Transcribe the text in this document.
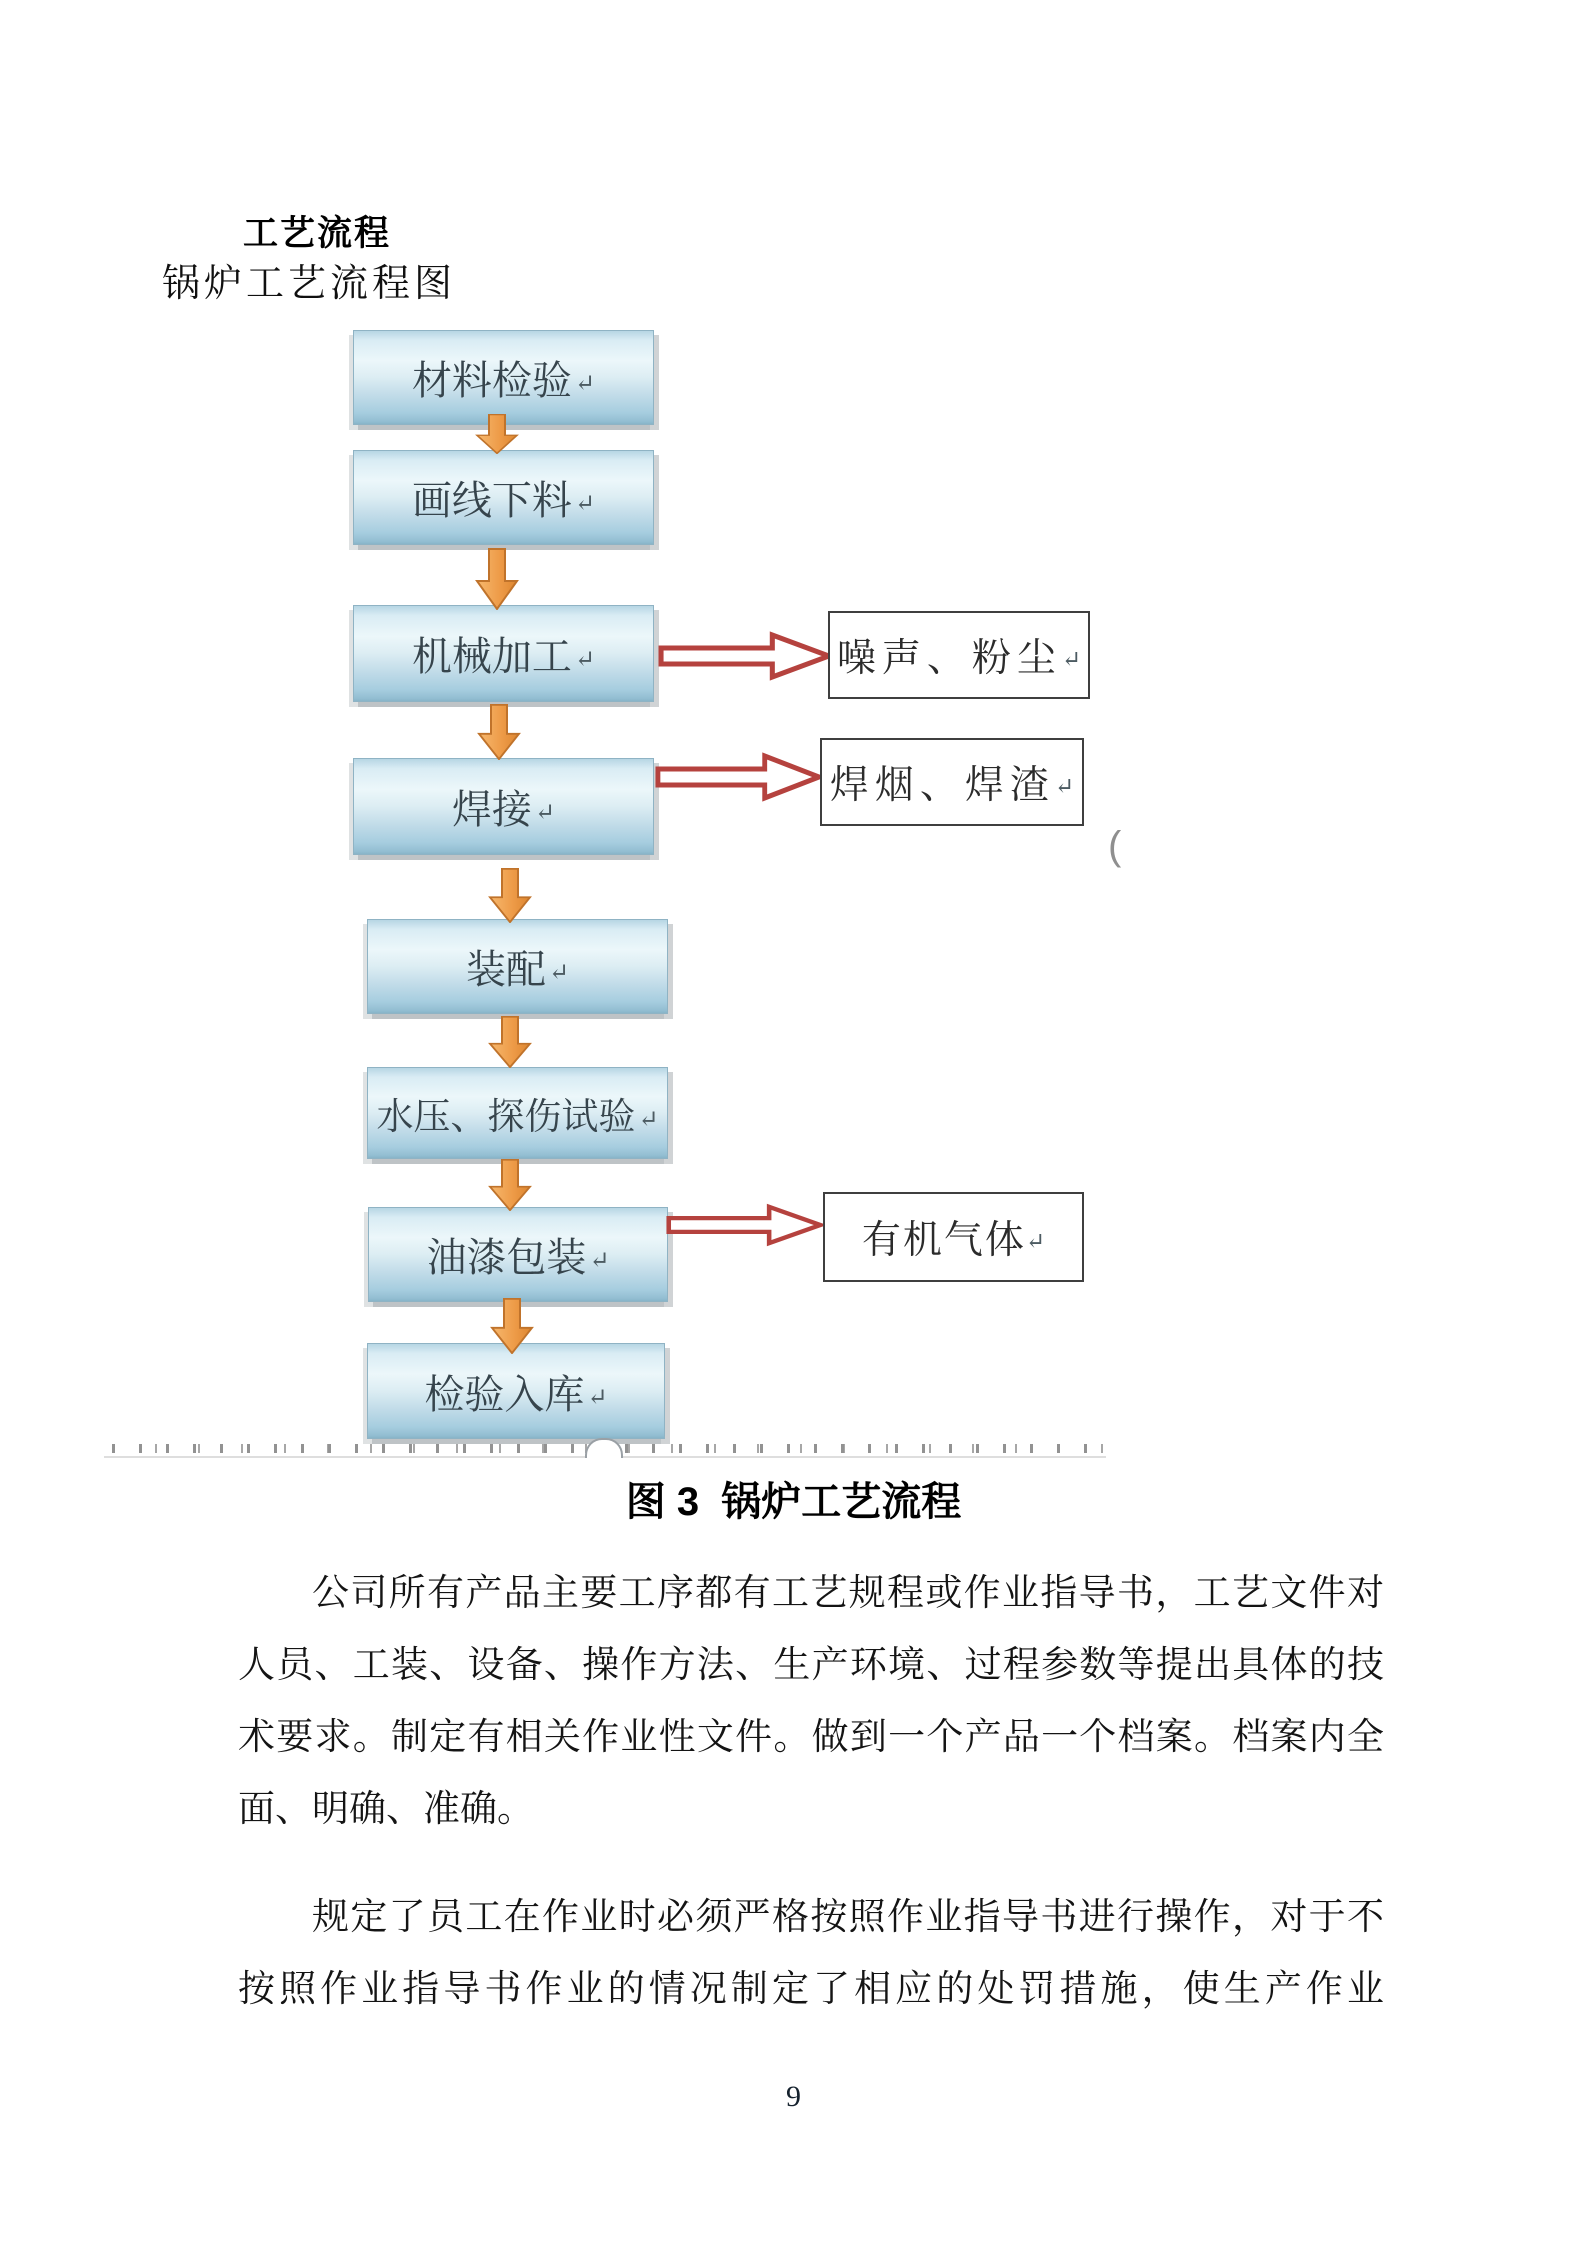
工艺流程
锅炉工艺流程图
材料检验 ↵
画线下料 ↵
机械加工 ↵
焊接 ↵
装配 ↵
水压、探伤试验 ↵
油漆包装 ↵
检验入库 ↵
噪声、粉尘 ↵
焊烟、焊渣 ↵
有机气体 ↵
(
图 3  锅炉工艺流程

公司所有产品主要工序都有工艺规程或作业指导书，工艺文件对人员、工装、设备、操作方法、生产环境、过程参数等提出具体的技术要求。制定有相关作业性文件。做到一个产品一个档案。档案内全面、明确、准确。

规定了员工在作业时必须严格按照作业指导书进行操作，对于不按照作业指导书作业的情况制定了相应的处罚措施，使生产作业

9
